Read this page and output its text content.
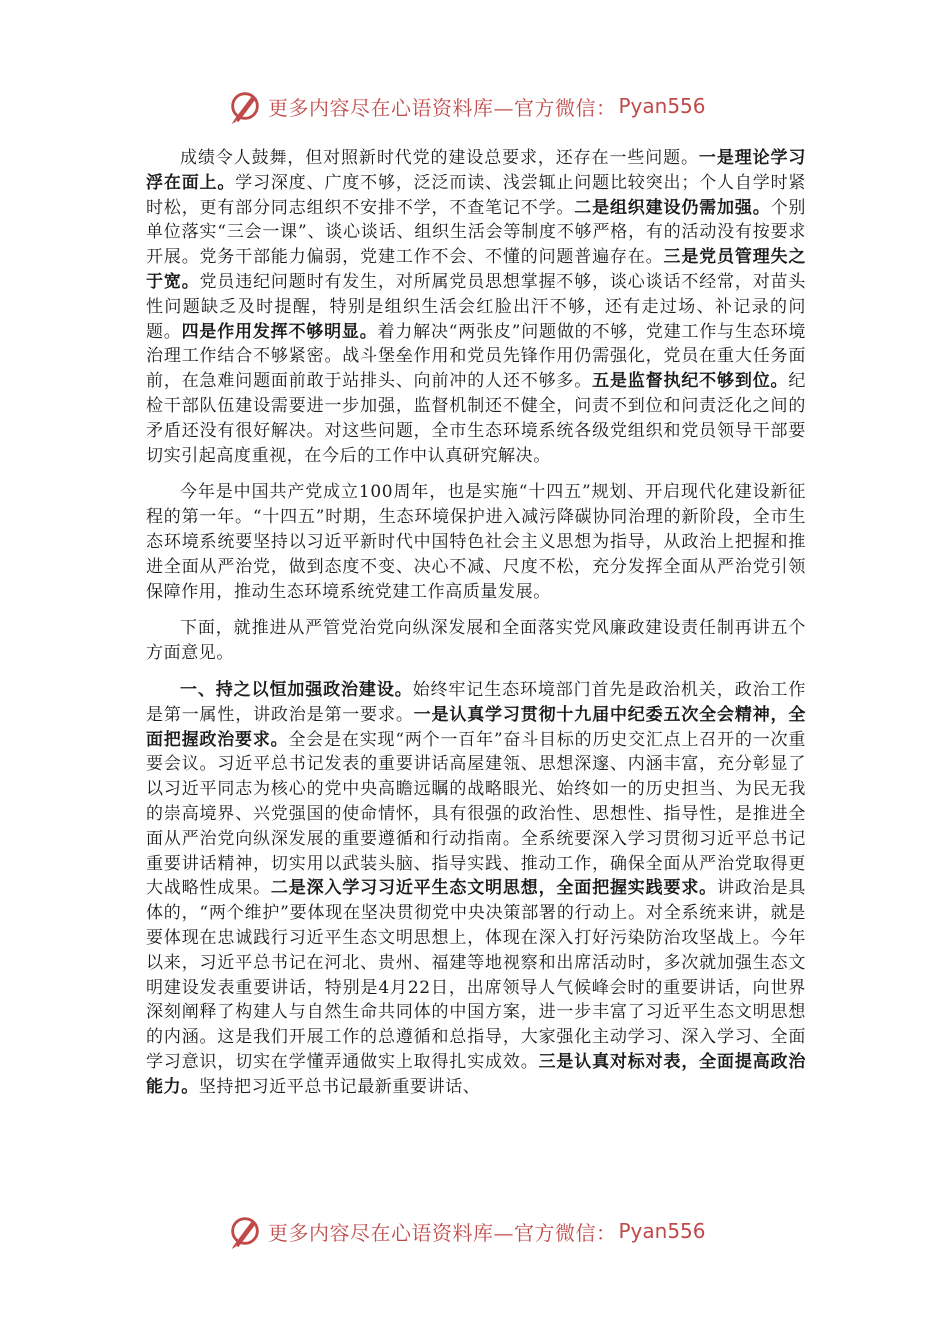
更多内容尽在心语资料库—官方微信： Pyan556

成绩令人鼓舞，但对照新时代党的建设总要求，还存在一些问题。一是理论学习浮在面上。学习深度、广度不够，泛泛而读、浅尝辄止问题比较突出；个人自学时紧时松，更有部分同志组织不安排不学，不查笔记不学。二是组织建设仍需加强。个别单位落实“三会一课”、谈心谈话、组织生活会等制度不够严格，有的活动没有按要求开展。党务干部能力偏弱，党建工作不会、不懂的问题普遍存在。三是党员管理失之于宽。党员违纪问题时有发生，对所属党员思想掌握不够，谈心谈话不经常，对苗头性问题缺乏及时提醒，特别是组织生活会红脸出汗不够，还有走过场、补记录的问题。四是作用发挥不够明显。着力解决“两张皮”问题做的不够，党建工作与生态环境治理工作结合不够紧密。战斗堡垒作用和党员先锋作用仍需强化，党员在重大任务面前，在急难问题面前敢于站排头、向前冲的人还不够多。五是监督执纪不够到位。纪检干部队伍建设需要进一步加强，监督机制还不健全，问责不到位和问责泛化之间的矛盾还没有很好解决。对这些问题，全市生态环境系统各级党组织和党员领导干部要切实引起高度重视，在今后的工作中认真研究解决。

今年是中国共产党成立100周年，也是实施“十四五”规划、开启现代化建设新征程的第一年。“十四五”时期，生态环境保护进入减污降碳协同治理的新阶段，全市生态环境系统要坚持以习近平新时代中国特色社会主义思想为指导，从政治上把握和推进全面从严治党，做到态度不变、决心不减、尺度不松，充分发挥全面从严治党引领保障作用，推动生态环境系统党建工作高质量发展。

下面，就推进从严管党治党向纵深发展和全面落实党风廉政建设责任制再讲五个方面意见。

一、持之以恒加强政治建设。始终牢记生态环境部门首先是政治机关，政治工作是第一属性，讲政治是第一要求。一是认真学习贯彻十九届中纪委五次全会精神，全面把握政治要求。全会是在实现“两个一百年”奋斗目标的历史交汇点上召开的一次重要会议。习近平总书记发表的重要讲话高屋建瓴、思想深邃、内涵丰富，充分彰显了以习近平同志为核心的党中央高瞻远瞩的战略眼光、始终如一的历史担当、为民无我的崇高境界、兴党强国的使命情怀，具有很强的政治性、思想性、指导性，是推进全面从严治党向纵深发展的重要遵循和行动指南。全系统要深入学习贯彻习近平总书记重要讲话精神，切实用以武装头脑、指导实践、推动工作，确保全面从严治党取得更大战略性成果。二是深入学习习近平生态文明思想，全面把握实践要求。讲政治是具体的，“两个维护”要体现在坚决贯彻党中央决策部署的行动上。对全系统来讲，就是要体现在忠诚践行习近平生态文明思想上，体现在深入打好污染防治攻坚战上。今年以来，习近平总书记在河北、贵州、福建等地视察和出席活动时，多次就加强生态文明建设发表重要讲话，特别是4月22日，出席领导人气候峰会时的重要讲话，向世界深刻阐释了构建人与自然生命共同体的中国方案，进一步丰富了习近平生态文明思想的内涵。这是我们开展工作的总遵循和总指导，大家强化主动学习、深入学习、全面学习意识，切实在学懂弄通做实上取得扎实成效。三是认真对标对表，全面提高政治能力。坚持把习近平总书记最新重要讲话、

更多内容尽在心语资料库—官方微信： Pyan556
